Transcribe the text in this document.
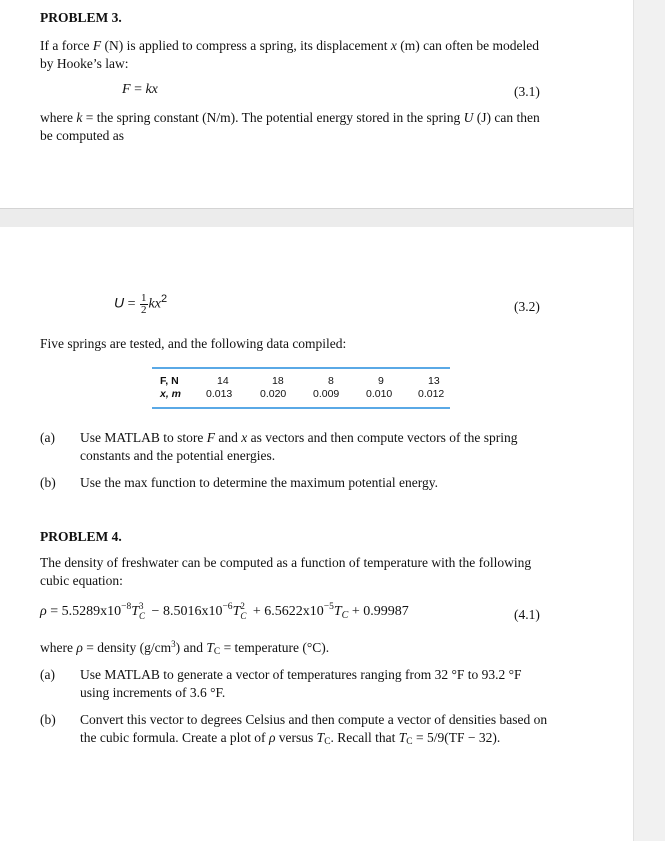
PROBLEM 3.
If a force F (N) is applied to compress a spring, its displacement x (m) can often be modeled
by Hooke’s law:
F = kx	(3.1)
where k = the spring constant (N/m). The potential energy stored in the spring U (J) can then
be computed as
$U = \frac{1}{2} kx^2$
(3.2)
Five springs are tested, and the following data compiled:
F, N	14	18	8	9	13
x, m 0.013	0.020	0.009	0.010 0.012
(a) Use MATLAB to store F and x as vectors and then compute vectors of the spring
constants and the potential energies.
(b) Use the max function to determine the maximum potential energy.
PROBLEM 4.
The density of freshwater can be computed as a function of temperature with the following
cubic equation:
$\rho = 5.5289x10^{-8}T$ 3
$C - 8.5016x10^{-6}T$ 2
$C + 6.5622x10^{-5}T_C + 0.99987$	(4.1)
where ρ = density $(g/cm^3)$ and TC = temperature (°C).
(a) Use MATLAB to generate a vector of temperatures ranging from 32 °F to 93.2 °F
using increments of 3.6 °F.
(b) Convert this vector to degrees Celsius and then compute a vector of densities based on
the cubic formula. Create a plot of ρ versus TC. Recall that TC = 5/9(TF − 32).
